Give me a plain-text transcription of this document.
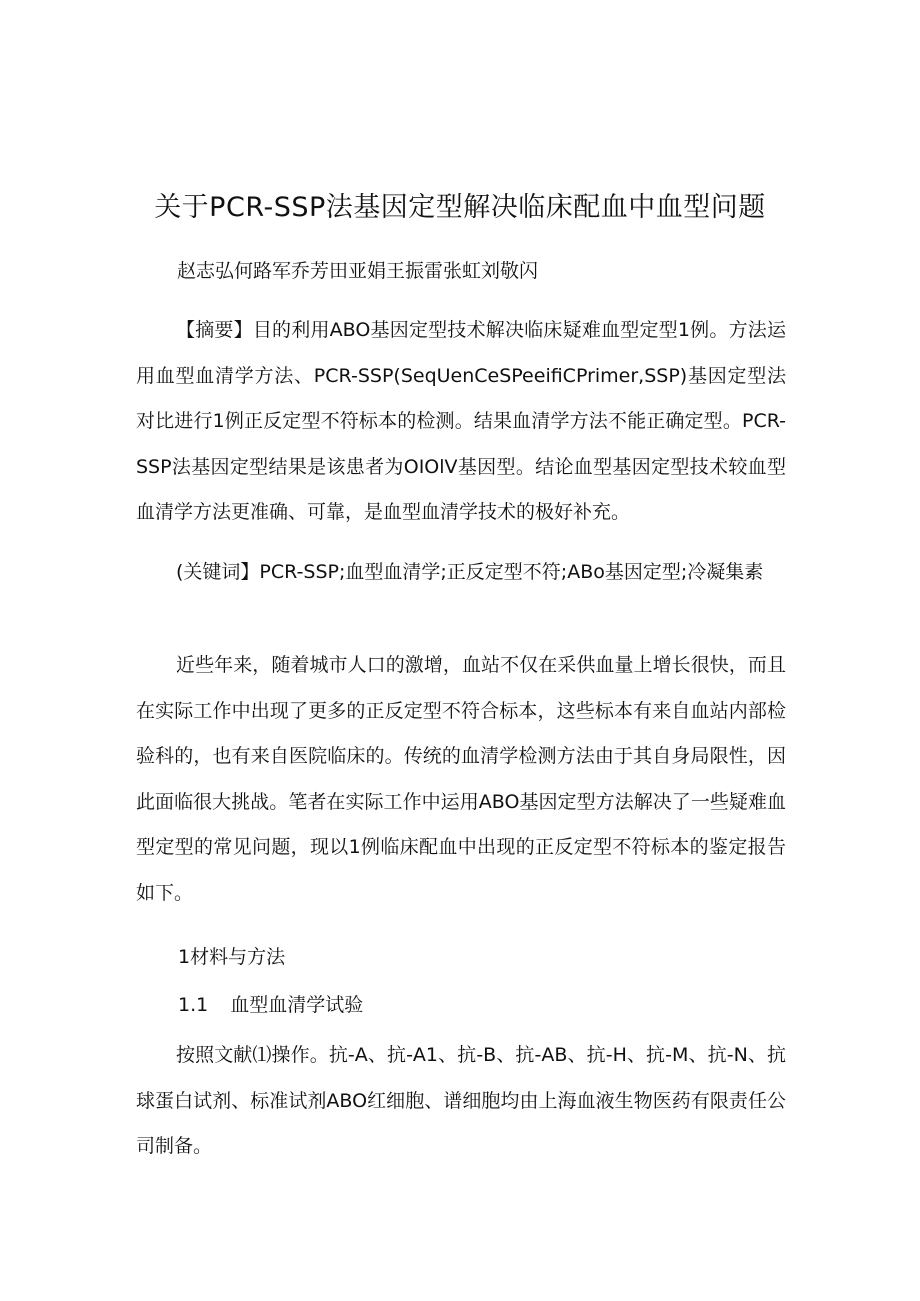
关于PCR-SSP法基因定型解决临床配血中血型问题

赵志弘何路军乔芳田亚娟王振雷张虹刘敬闪

【摘要】目的利用ABO基因定型技术解决临床疑难血型定型1例。方法运用血型血清学方法、PCR-SSP(SeqUenCeSPeeifiCPrimer,SSP)基因定型法对比进行1例正反定型不符标本的检测。结果血清学方法不能正确定型。PCR-SSP法基因定型结果是该患者为OIOlV基因型。结论血型基因定型技术较血型血清学方法更准确、可靠，是血型血清学技术的极好补充。

(关键词】PCR-SSP;血型血清学;正反定型不符;ABo基因定型;冷凝集素

近些年来，随着城市人口的激增，血站不仅在采供血量上增长很快，而且在实际工作中出现了更多的正反定型不符合标本，这些标本有来自血站内部检验科的，也有来自医院临床的。传统的血清学检测方法由于其自身局限性，因此面临很大挑战。笔者在实际工作中运用ABO基因定型方法解决了一些疑难血型定型的常见问题，现以1例临床配血中出现的正反定型不符标本的鉴定报告如下。

1材料与方法
1.1 血型血清学试验

按照文献⑴操作。抗-A、抗-A1、抗-B、抗-AB、抗-H、抗-M、抗-N、抗球蛋白试剂、标准试剂ABO红细胞、谱细胞均由上海血液生物医药有限责任公司制备。
